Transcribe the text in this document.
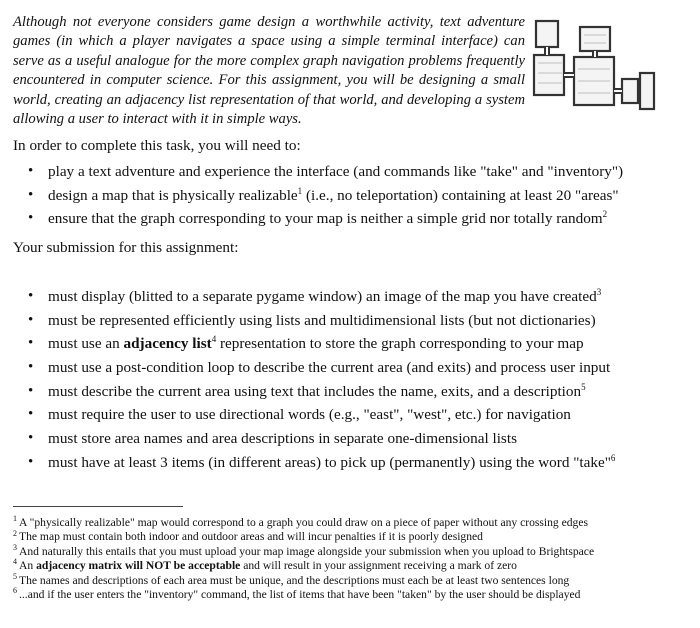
Although not everyone considers game design a worthwhile activity, text adventure games (in which a player navigates a space using a simple terminal interface) can serve as a useful analogue for the more complex graph navigation problems frequently encountered in computer science. For this assignment, you will be designing a small world, creating an adjacency list representation of that world, and developing a system allowing a user to interact with it in simple ways.

In order to complete this task, you will need to:

• play a text adventure and experience the interface (and commands like "take" and "inventory")
• design a map that is physically realizable$^1$ (i.e., no teleportation) containing at least 20 "areas"
• ensure that the graph corresponding to your map is neither a simple grid nor totally random$^2$

Your submission for this assignment:

• must display (blitted to a separate pygame window) an image of the map you have created$^3$
• must be represented efficiently using lists and multidimensional lists (but not dictionaries)
• must use an adjacency list$^4$ representation to store the graph corresponding to your map
• must use a post-condition loop to describe the current area (and exits) and process user input
• must describe the current area using text that includes the name, exits, and a description$^5$
• must require the user to use directional words (e.g., "east", "west", etc.) for navigation
• must store area names and area descriptions in separate one-dimensional lists
• must have at least 3 items (in different areas) to pick up (permanently) using the word "take"$^6$
$^1$ A "physically realizable" map would correspond to a graph you could draw on a piece of paper without any crossing edges
$^2$ The map must contain both indoor and outdoor areas and will incur penalties if it is poorly designed
$^3$ And naturally this entails that you must upload your map image alongside your submission when you upload to Brightspace
$^4$ An adjacency matrix will NOT be acceptable and will result in your assignment receiving a mark of zero
$^5$ The names and descriptions of each area must be unique, and the descriptions must each be at least two sentences long
$^6$ ...and if the user enters the "inventory" command, the list of items that have been "taken" by the user should be displayed
